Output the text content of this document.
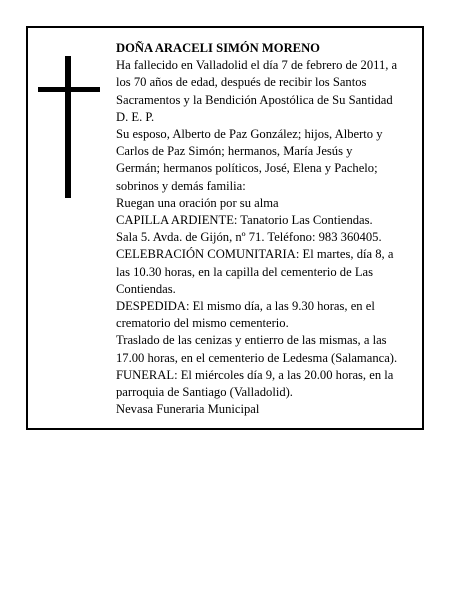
DOÑA ARACELI SIMÓN MORENO
Ha fallecido en Valladolid el día 7 de febrero de 2011, a
los 70 años de edad, después de recibir los Santos
Sacramentos y la Bendición Apostólica de Su Santidad
D. E. P.
Su esposo, Alberto de Paz González; hijos, Alberto y
Carlos de Paz Simón; hermanos, María Jesús y
Germán; hermanos políticos, José, Elena y Pachelo;
sobrinos y demás familia:
Ruegan una oración por su alma
CAPILLA ARDIENTE: Tanatorio Las Contiendas.
Sala 5. Avda. de Gijón, nº 71. Teléfono: 983 360405.
CELEBRACIÓN COMUNITARIA: El martes, día 8, a
las 10.30 horas, en la capilla del cementerio de Las
Contiendas.
DESPEDIDA: El mismo día, a las 9.30 horas, en el
crematorio del mismo cementerio.
Traslado de las cenizas y entierro de las mismas, a las
17.00 horas, en el cementerio de Ledesma (Salamanca).
FUNERAL: El miércoles día 9, a las 20.00 horas, en la
parroquia de Santiago (Valladolid).
Nevasa Funeraria Municipal
